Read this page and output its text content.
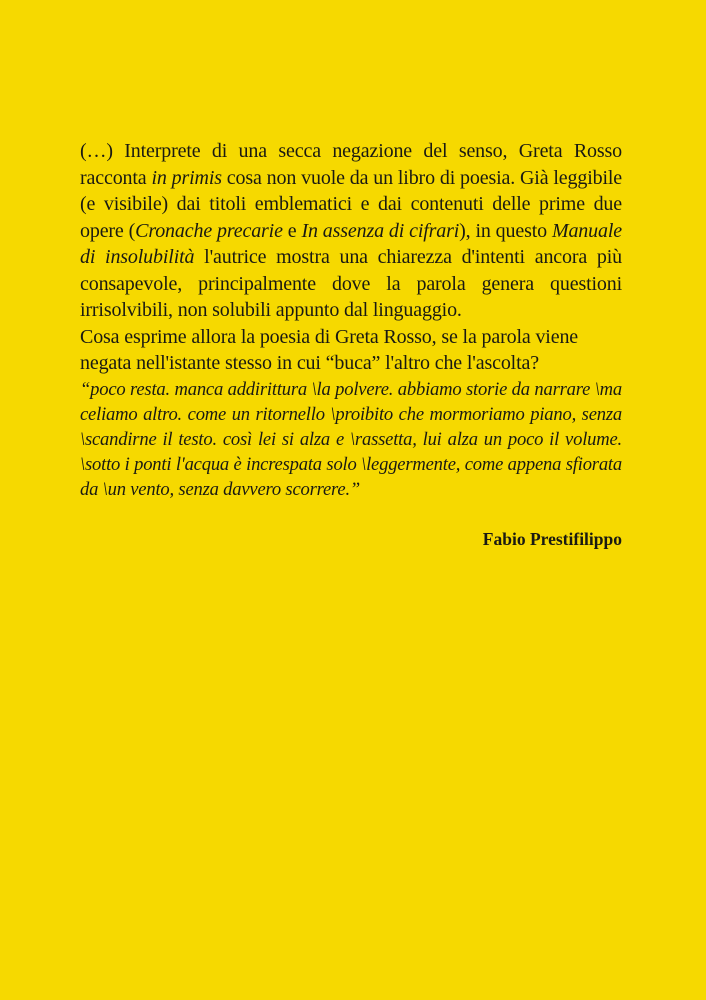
(…) Interprete di una secca negazione del senso, Greta Rosso racconta in primis cosa non vuole da un libro di poesia. Già leggibile (e visibile) dai titoli emblematici e dai contenuti delle prime due opere (Cronache precarie e In assenza di cifrari), in questo Manuale di insolubilità l'autrice mostra una chiarezza d'intenti ancora più consapevole, principalmente dove la parola genera questioni irrisolvibili, non solubili appunto dal linguaggio.

Cosa esprime allora la poesia di Greta Rosso, se la parola viene negata nell'istante stesso in cui “buca” l'altro che l'ascolta?

“poco resta. manca addirittura \la polvere. abbiamo storie da narrare \ma celiamo altro. come un ritornello \proibito che mormoriamo piano, senza \scandirne il testo. così lei si alza e \rassetta, lui alza un poco il volume. \sotto i ponti l'acqua è increspata solo \leggermente, come appena sfiorata da \un vento, senza davvero scorrere.”

Fabio Prestifilippo
